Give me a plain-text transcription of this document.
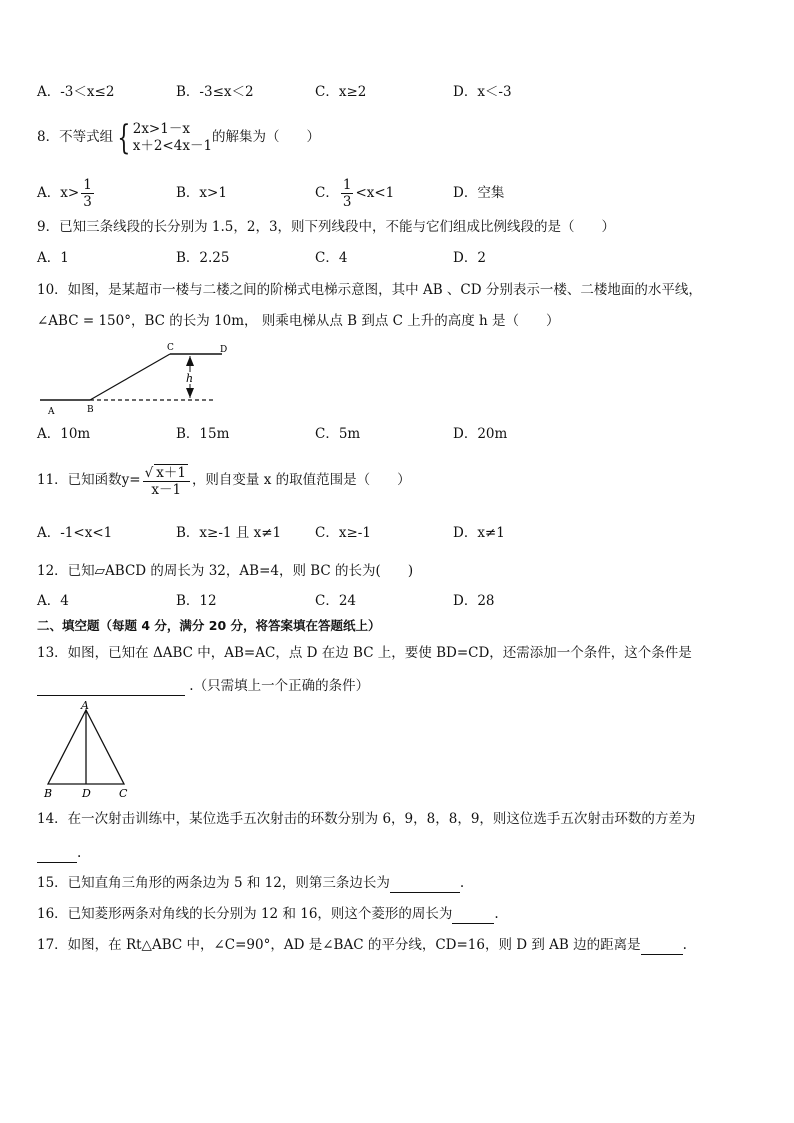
A．-3＜x≤2	B．-3≤x＜2	C．x≥2	D．x＜-3
8．不等式组 { 2x>1－x
x＋2<4x－1
的解集为（　　）
A．$x> \frac{1}{3}$	B．x>1	C． $\frac{1}{3} <x<1$	D．空集
9．已知三条线段的长分别为 1.5，2，3，则下列线段中，不能与它们组成比例线段的是（　　）
A．1	B．2.25	C．4	D．2
10．如图，是某超市一楼与二楼之间的阶梯式电梯示意图，其中 AB 、CD 分别表示一楼、二楼地面的水平线，
∠ABC = 150°，BC 的长为 10m， 则乘电梯从点 B 到点 C 上升的高度 h 是（　　）
h
A	B
C	D
A．10m	B．15m	C．5m	D．20m
11．已知函数$y= \frac{√ x+1}{x-1}$ ，则自变量 x 的取值范围是（　　）
A．-1<x<1	B．x≥-1 且 x≠1	C．x≥-1	D．x≠1
12．已知▱ABCD 的周长为 32，AB=4，则 BC 的长为(　　)
A．4	B．12	C．24	D．28
二、填空题（每题 4 分，满分 20 分，将答案填在答题纸上）
13．如图，已知在 ΔABC 中，AB=AC，点 D 在边 BC 上，要使 BD=CD，还需添加一个条件，这个条件是
.（只需填上一个正确的条件）
A
B	D	C
14．在一次射击训练中，某位选手五次射击的环数分别为 6，9，8，8，9，则这位选手五次射击环数的方差为
.
15．已知直角三角形的两条边为 5 和 12，则第三条边长为	.
16．已知菱形两条对角线的长分别为 12 和 16，则这个菱形的周长为	.
17．如图，在 Rt△ABC 中，∠C=90°，AD 是∠BAC 的平分线，CD=16，则 D 到 AB 边的距离是	.
